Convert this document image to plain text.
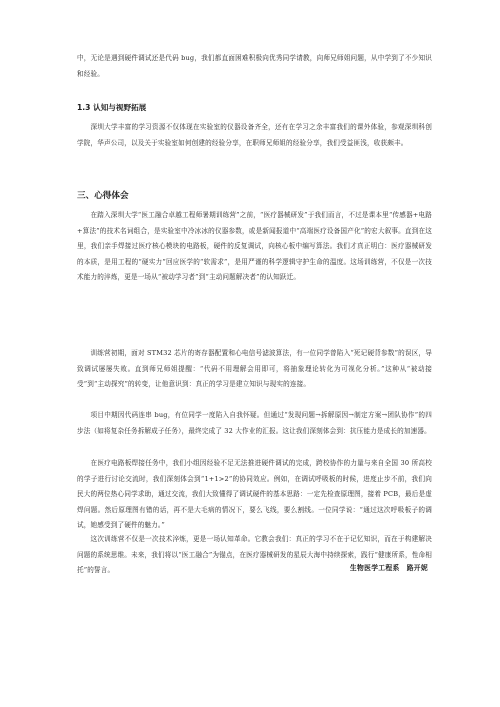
中，无论是遇到硬件调试还是代码 bug，我们都直面困难积极向优秀同学请教，向师兄师姐问题，从中学到了不少知识和经验。

1.3 认知与视野拓展

深圳大学丰富的学习资源不仅体现在实验室的仪器设备齐全，还有在学习之余丰富我们的课外体验，参观深圳科创学院，华声公司，以及关于实验室如何创建的经验分享，在职师兄师姐的经验分享，我们受益匪浅，收获颇丰。

三、心得体会

在踏入深圳大学“医工融合卓越工程师暑期训练营”之前，“医疗器械研发”于我们而言，不过是课本里“传感器+电路+算法”的技术名词组合，是实验室中冷冰冰的仪器参数，或是新闻报道中“高端医疗设备国产化”的宏大叙事。直到在这里，我们亲手焊接过医疗核心模块的电路板，硬件的反复调试，向核心板中编写算法。我们才真正明白：医疗器械研发的本质，是用工程的“硬实力”回应医学的“软需求”，是用严谨的科学逻辑守护生命的温度。这场训练营，不仅是一次技术能力的淬炼，更是一场从“被动学习者”到“主动问题解决者”的认知跃迁。

训练营初期，面对 STM32 芯片的寄存器配置和心电信号滤波算法，有一位同学曾陷入“死记硬背参数”的误区，导致调试屡屡失败。直到师兄师姐提醒：“代码不用理解会用即可，将抽象理论转化为可视化分析。”这种从“被动接受”到“主动探究”的转变，让他意识到：真正的学习是建立知识与现实的连接。

项目中期因代码连串 bug，有位同学一度陷入自我怀疑。但通过“发现问题→拆解原因→制定方案→团队协作”的四步法（如将复杂任务拆解成子任务），最终完成了 32 大作业的汇报。这让我们深刻体会到：抗压能力是成长的加速器。

在医疗电路板焊接任务中，我们小组因经验不足无法推进硬件调试的完成，跨校协作的力量与来自全国 30 所高校的学子进行讨论交流时，我们深刻体会到“1+1>2”的协同效应。例如，在调试呼吸板的时候，进度止步不前，我们向民大的两位热心同学求助，通过交流，我们大致懂得了调试硬件的基本思路：一定先检查原理图，接着 PCB，最后是虚焊问题。然后原理图有错的话，再不是大毛病的情况下，要么飞线，要么割线。一位同学说：“通过这次呼吸板子的调试，她感受到了硬件的魅力。”

这次训练营不仅是一次技术淬炼，更是一场认知革命。它教会我们：真正的学习不在于记忆知识，而在于构建解决问题的系统思维。未来，我们将以“医工融合”为锚点，在医疗器械研发的星辰大海中持续探索，践行“健康所系，性命相托”的誓言。	生物医学工程系　路开妮
